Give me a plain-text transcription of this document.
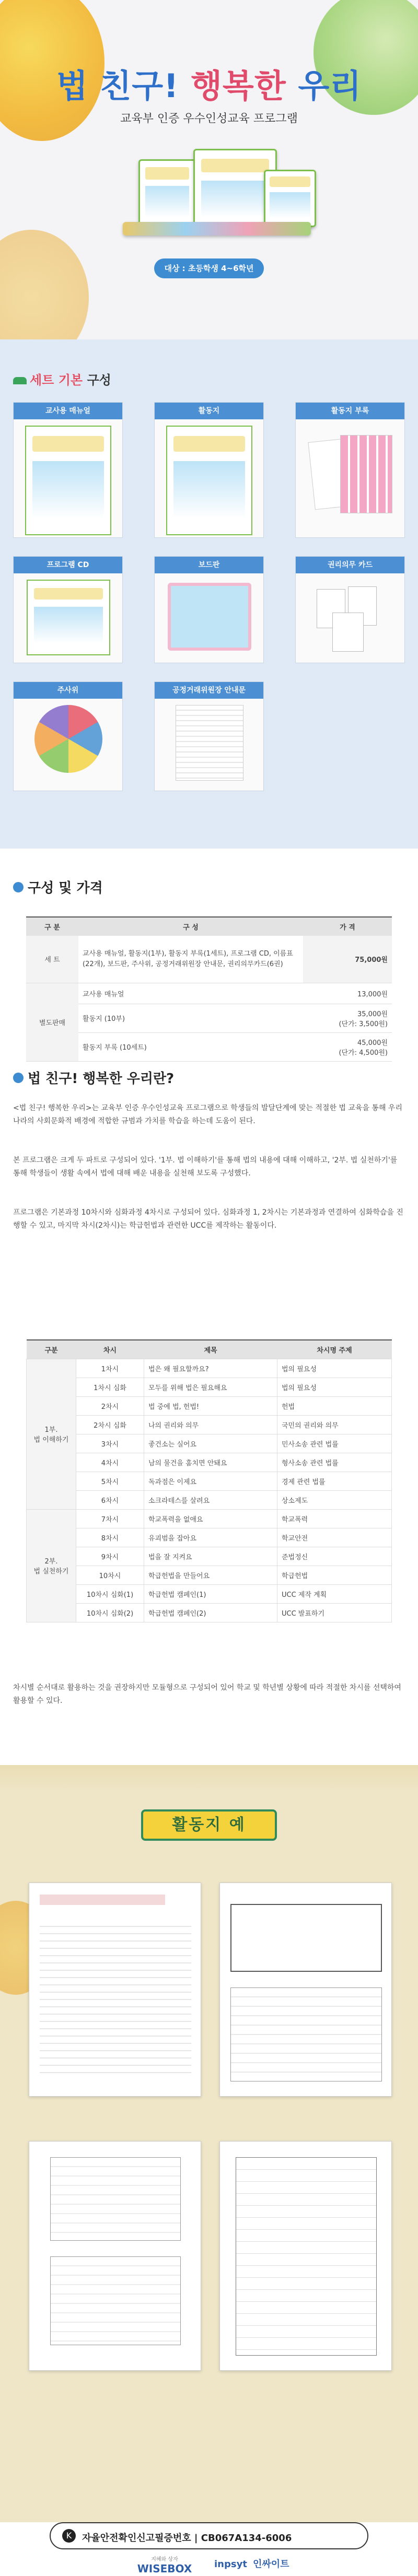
법 친구! 행복한 우리
교육부 인증 우수인성교육 프로그램
대상 : 초등학생 4~6학년
세트 기본 구성
교사용 매뉴얼	활동지	활동지 부록
프로그램 CD	보드판	권리의무 카드
주사위	공정거래위원장 안내문
구성 및 가격
구 분	구 성	가 격
세 트	교사용 매뉴얼, 활동지(1부), 활동지 부록(1세트), 프로그램 CD, 이름표(22개), 보드판, 주사위, 공정거래위원장 안내문, 권리의무카드(6권)	75,000원
별도판매	교사용 매뉴얼	13,000원
	활동지 (10부)	35,000원
(단가: 3,500원)

	활동지 부록 (10세트)	45,000원
(단가: 4,500원)
법 친구! 행복한 우리란?

<법 친구! 행복한 우리>는 교육부 인증 우수인성교육 프로그램으로 학생들의 발달단계에 맞는 적절한 법 교육을 통해 우리나라의 사회문화적 배경에 적합한 규범과 가치를 학습을 하는데 도움이 된다.

본 프로그램은 크게 두 파트로 구성되어 있다. '1부. 법 이해하기'를 통해 법의 내용에 대해 이해하고, '2부. 법 실천하기'를 통해 학생들이 생활 속에서 법에 대해 배운 내용을 실천해 보도록 구성했다.

프로그램은 기본과정 10차시와 심화과정 4차시로 구성되어 있다. 심화과정 1, 2차시는 기본과정과 연결하여 심화학습을 진행할 수 있고, 마지막 차시(2차시)는 학급헌법과 관련한 UCC를 제작하는 활동이다.

구분	차시	제목	차시명 주제
1부.
법 이해하기	1차시	법은 왜 필요할까요?	법의 필요성
	1차시 심화	모두를 위해 법은 필요해요	법의 필요성
	2차시	법 중에 법, 헌법!	헌법
	2차시 심화	나의 권리와 의무	국민의 권리와 의무
	3차시	좋건소는 실어요	민사소송 관련 법률
	4차시	남의 물건을 훔치면 안돼요	형사소송 관련 법률
	5차시	독과점은 이제요	경제 관련 법률
	6차시	소크라테스를 살려요	상소제도
2부.
법 실천하기	7차시	학교폭력을 없애요	학교폭력
	8차시	유괴범을 잡아요	학교안전
	9차시	법을 잘 지켜요	준법정신
	10차시	학급헌법을 만들어요	학급헌법
	10차시 심화(1)	학급헌법 캠페인(1)	UCC 제작 계획
	10차시 심화(2)	학급헌법 캠페인(2)	UCC 발표하기

차시별 순서대로 활용하는 것을 권장하지만 모듈형으로 구성되어 있어 학교 및 학년별 상황에 따라 적절한 차시를 선택하여 활용할 수 있다.

활동지 예
K	자율안전확인신고필증번호 | CB067A134-6006
지혜와 상자
WISEBOX	inpsyt 인싸이트
